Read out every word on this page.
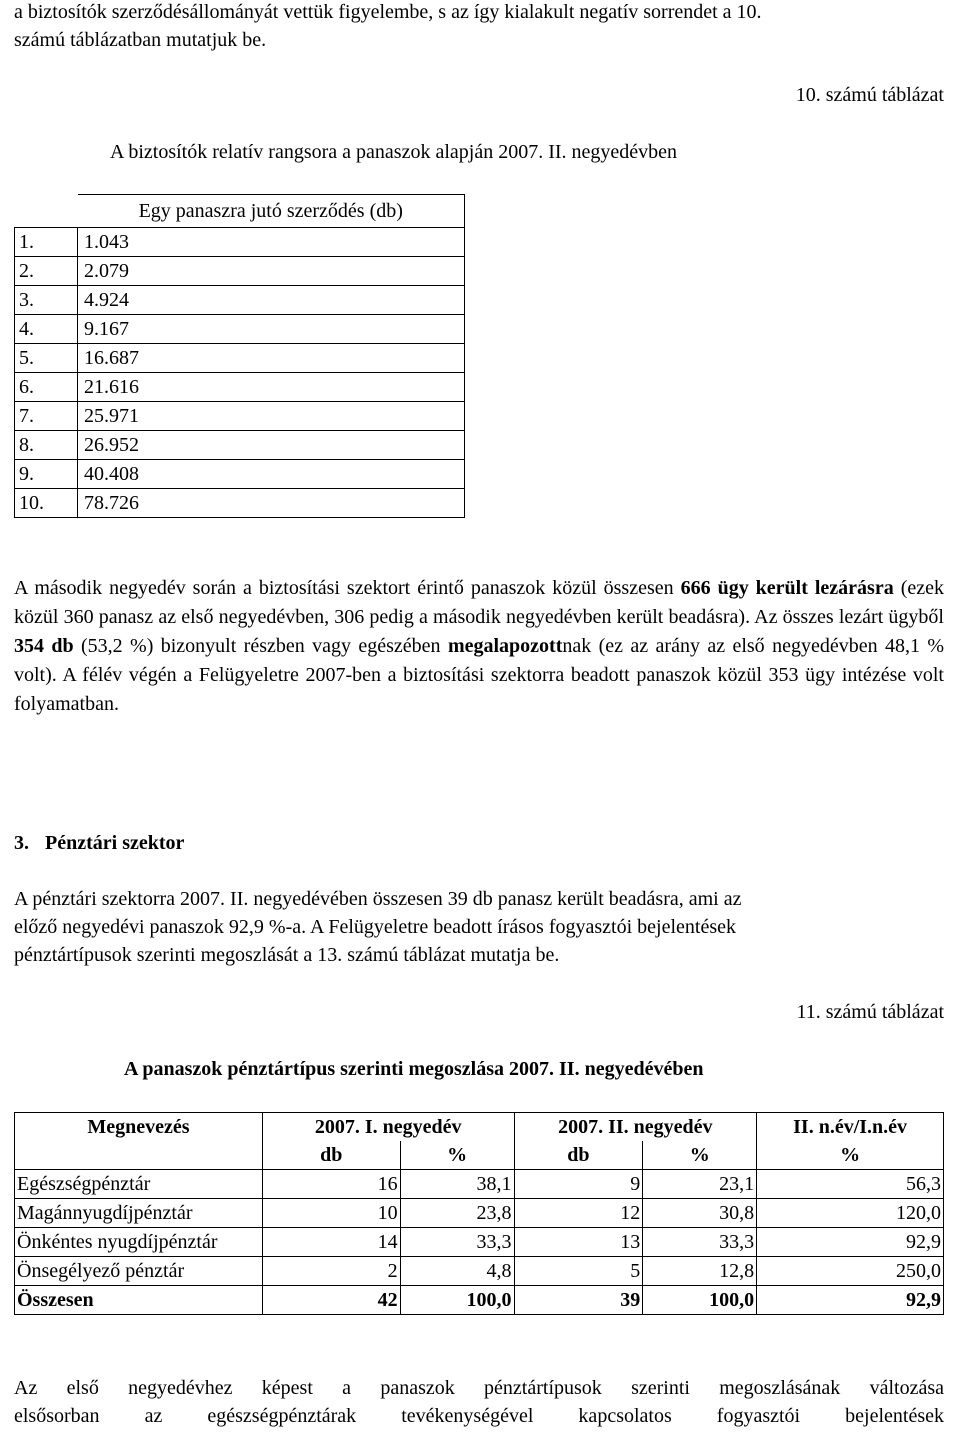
a biztosítók szerződésállományát vettük figyelembe, s az így kialakult negatív sorrendet a 10.

számú táblázatban mutatjuk be.

10. számú táblázat

A biztosítók relatív rangsora a panaszok alapján 2007. II. negyedévben

	Egy panaszra jutó szerződés (db)
1.	1.043
2.	2.079
3.	4.924
4.	9.167
5.	16.687
6.	21.616
7.	25.971
8.	26.952
9.	40.408
10.	78.726

A második negyedév során a biztosítási szektort érintő panaszok közül összesen 666 ügy került lezárásra (ezek közül 360 panasz az első negyedévben, 306 pedig a második negyedévben került beadásra). Az összes lezárt ügyből 354 db (53,2 %) bizonyult részben vagy egészében megalapozottnak (ez az arány az első negyedévben 48,1 % volt). A félév végén a Felügyeletre 2007-ben a biztosítási szektorra beadott panaszok közül 353 ügy intézése volt folyamatban.

3. Pénztári szektor

A pénztári szektorra 2007. II. negyedévében összesen 39 db panasz került beadásra, ami az

előző negyedévi panaszok 92,9 %-a. A Felügyeletre beadott írásos fogyasztói bejelentések

pénztártípusok szerinti megoszlását a 13. számú táblázat mutatja be.

11. számú táblázat

A panaszok pénztártípus szerinti megoszlása 2007. II. negyedévében

Megnevezés	2007. I. negyedév		2007. II. negyedév		II. n.év/I.n.év
	db	%	db	%	%
Egészségpénztár	16	38,1	9	23,1	56,3
Magánnyugdíjpénztár	10	23,8	12	30,8	120,0
Önkéntes nyugdíjpénztár	14	33,3	13	33,3	92,9
Önsegélyező pénztár	2	4,8	5	12,8	250,0
Összesen	42	100,0	39	100,0	92,9

Az első negyedévhez képest a panaszok pénztártípusok szerinti megoszlásának változása

elsősorban az egészségpénztárak tevékenységével kapcsolatos fogyasztói bejelentések
